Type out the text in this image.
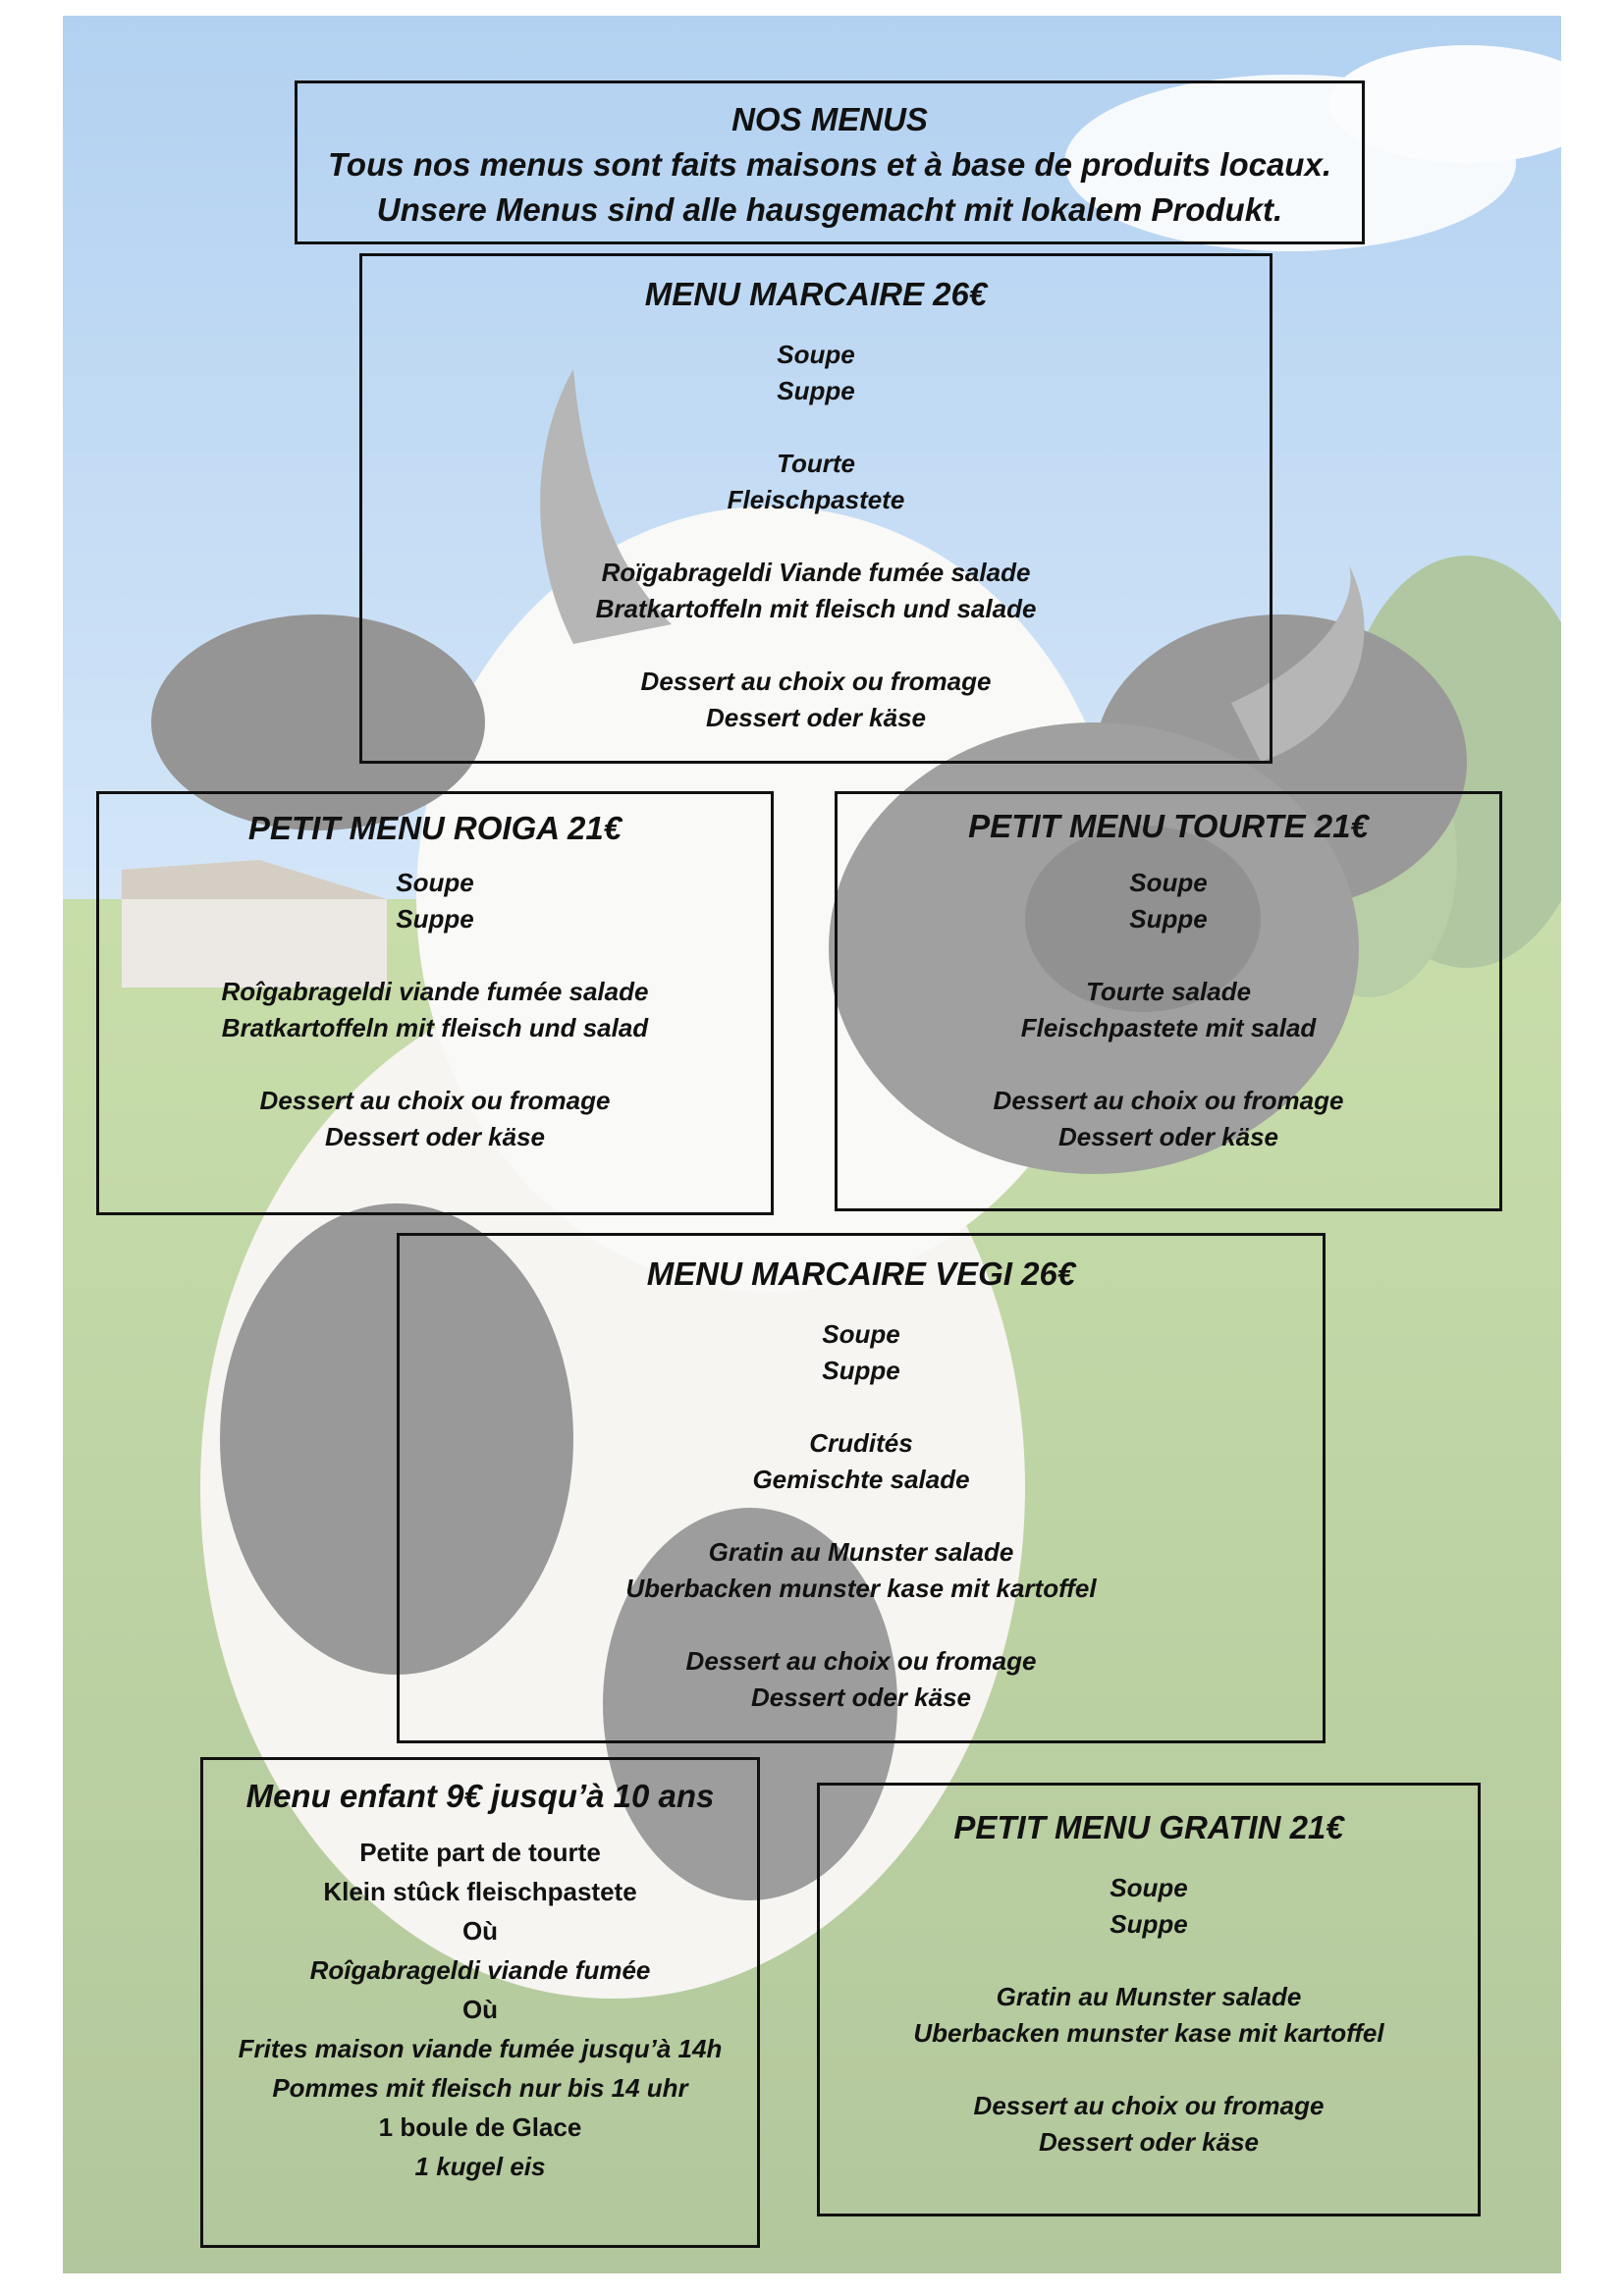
NOS MENUS
Tous nos menus sont faits maisons et à base de produits locaux.
Unsere Menus sind alle hausgemacht mit lokalem Produkt.
MENU MARCAIRE 26€
Soupe
Suppe
Tourte
Fleischpastete
Roïgabrageldi Viande fumée salade
Bratkartoffeln mit fleisch und salade
Dessert au choix ou fromage
Dessert oder käse
PETIT MENU ROIGA 21€
Soupe
Suppe
Roîgabrageldi viande fumée salade
Bratkartoffeln mit fleisch und salad
Dessert au choix ou fromage
Dessert oder käse
PETIT MENU TOURTE 21€
Soupe
Suppe
Tourte salade
Fleischpastete mit salad
Dessert au choix ou fromage
Dessert oder käse
MENU MARCAIRE VEGI 26€
Soupe
Suppe
Crudités
Gemischte salade
Gratin au Munster salade
Uberbacken munster kase mit kartoffel
Dessert au choix ou fromage
Dessert oder käse
Menu enfant 9€ jusqu’à 10 ans
Petite part de tourte
Klein stûck fleischpastete
Où
Roîgabrageldi viande fumée
Où
Frites maison viande fumée jusqu’à 14h
Pommes mit fleisch nur bis 14 uhr
1 boule de Glace
1 kugel eis
PETIT MENU GRATIN 21€
Soupe
Suppe
Gratin au Munster salade
Uberbacken munster kase mit kartoffel
Dessert au choix ou fromage
Dessert oder käse
